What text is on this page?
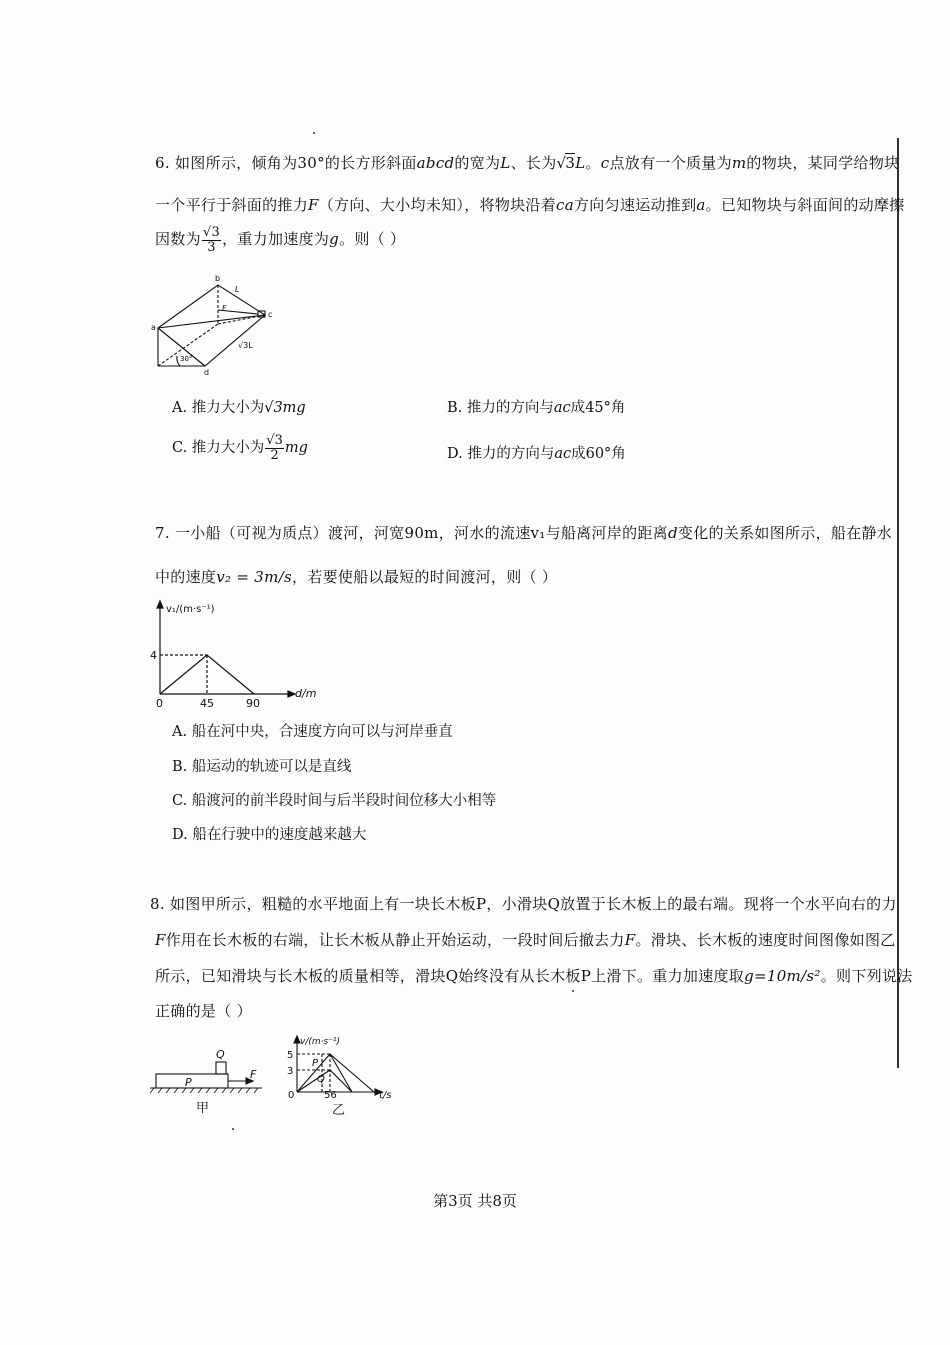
6. 如图所示，倾角为30°的长方形斜面abcd的宽为L、长为√3L。c点放有一个质量为m的物块，某同学给物块
一个平行于斜面的推力F（方向、大小均未知），将物块沿着ca方向匀速运动推到a。已知物块与斜面间的动摩擦
因数为 $\frac{√3}{3}$ ，重力加速度为g。则（ ）
b
L
F
c
a
30°
√3L
d
A. 推力大小为√3mg	B. 推力的方向与ac成45°角
C. 推力大小为 $\frac{√3}{2}$ mg	D. 推力的方向与ac成60°角
7. 一小船（可视为质点）渡河，河宽90m，河水的流速v₁与船离河岸的距离d变化的关系如图所示，船在静水
中的速度v₂ = 3m/s，若要使船以最短的时间渡河，则（ ）
v₁/(m·s⁻¹)
d/m
4
0	45	90
A. 船在河中央，合速度方向可以与河岸垂直
B. 船运动的轨迹可以是直线
C. 船渡河的前半段时间与后半段时间位移大小相等
D. 船在行驶中的速度越来越大
8. 如图甲所示，粗糙的水平地面上有一块长木板P，小滑块Q放置于长木板上的最右端。现将一个水平向右的力
F作用在长木板的右端，让长木板从静止开始运动，一段时间后撤去力F。滑块、长木板的速度时间图像如图乙
所示，已知滑块与长木板的质量相等，滑块Q始终没有从长木板P上滑下。重力加速度取g=10m/s²。则下列说法
正确的是（ ）
Q
P
F
甲
v/(m·s⁻¹)
5
3
P
Q
0	56	t/s
乙
第3页 共8页
